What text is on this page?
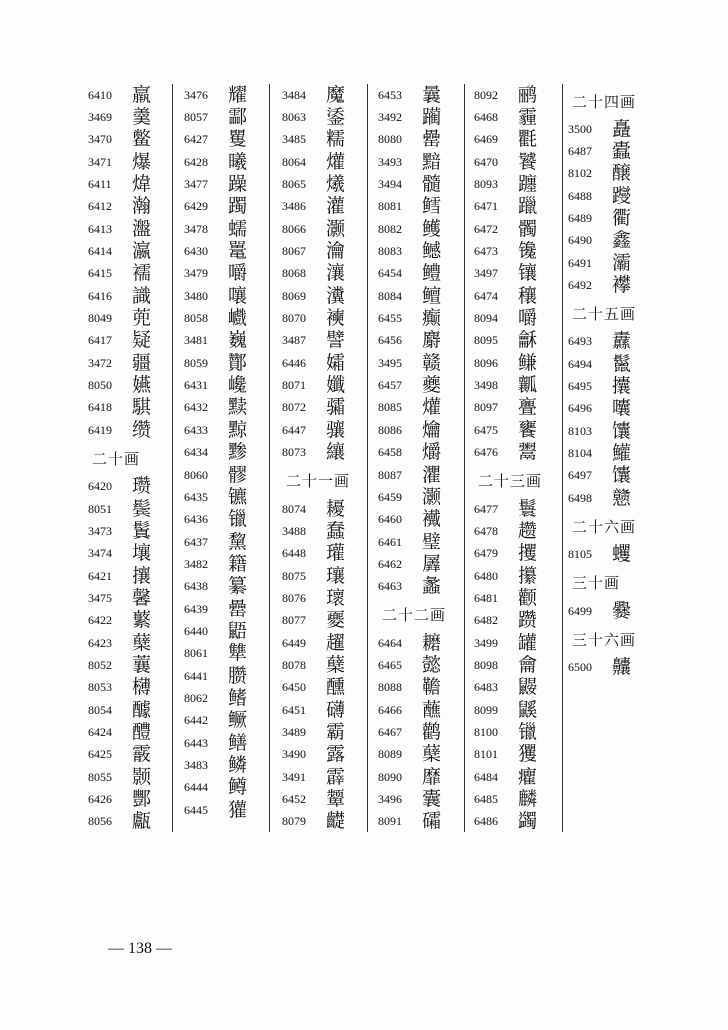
6410	羸
3469	羹
3470	鳖
3471	爆
6411	煒
6412	瀚
6413	瀊
6414	瀛
6415	襦
6416	識
8049	蔸
6417	疑
3472	疆
8050	嬿
6418	騏
6419	缵
二十画
6420	瓒
8051	鬓
3473	鬒
3474	壤
6421	攘
3475	馨
6422	蘩
6423	蘖
8052	蘘
8053	欂
8054	醵
6424	醴
6425	霰
8055	颢
6426	酆
8056	甗
3476	耀
8057	酃
6427	矍
6428	曦
3477	躁
6429	躅
3478	蠕
6430	鼍
3479	嚼
3480	嚷
8058	巇
3481	巍
8059	酇
6431	巉
6432	黩
6433	黥
6434	黪
8060	髎
6435	镳
6436	镴
6437	黧
3482	籍
6438	纂
6439	罍
6440	鼯
8061	犨
6441	臜
8062	鳍
6442	鳜
6443	鳝
3483	鳞
6444	鳟
6445	獾
3484	魔
8063	鋈
3485	糯
8064	爟
8065	爔
3486	灌
8066	灏
8067	瀹
8068	瀼
8069	瀵
8070	襫
3487	譬
6446	孀
8071	孅
8072	骦
6447	骧
8073	纕
二十一画
8074	耰
3488	蠢
6448	瓘
8075	瓖
8076	瓌
8077	夒
6449	趯
8078	蘖
6450	醺
6451	礴
3489	霸
3490	露
3491	霹
6452	颦
8079	齼
6453	曩
3492	躏
8080	罍
3493	黯
3494	髓
8081	鳕
8082	鳠
8083	鳡
6454	鳢
8084	鳣
6455	癫
6456	麝
3495	赣
6457	夔
8085	爟
8086	爚
6458	爝
8087	灈
6459	灏
6460	襶
6461	璧
6462	羼
6463	蠡
二十二画
6464	耱
6465	懿
8088	韂
6466	蘸
6467	鹳
8089	蘖
8090	靡
3496	囊
8091	礵
8092	鹂
6468	霾
6469	氍
6470	饕
8093	躔
6471	躐
6472	髑
6473	镵
3497	镶
6474	穰
8094	嚼
8095	龢
8096	鳒
3498	瓤
8097	亹
6475	饔
6476	鬻
二十三画
6477	鬟
6478	趱
6479	攫
6480	攥
6481	颧
6482	躜
3499	罐
8098	龠
6483	鼹
8099	鼷
8100	镴
8101	玃
6484	癯
6485	麟
6486	蠲
二十四画
3500	矗
6487	蠹
8102	醸
6488	躞
6489	衢
6490	鑫
6491	灞
6492	襻
二十五画
6493	纛
6494	鬣
6495	攮
6496	囔
8103	馕
8104	鱹
6497	馕
6498	戆
二十六画
8105	蠼
三十画
6499	爨
三十六画
6500	齉
— 138 —
